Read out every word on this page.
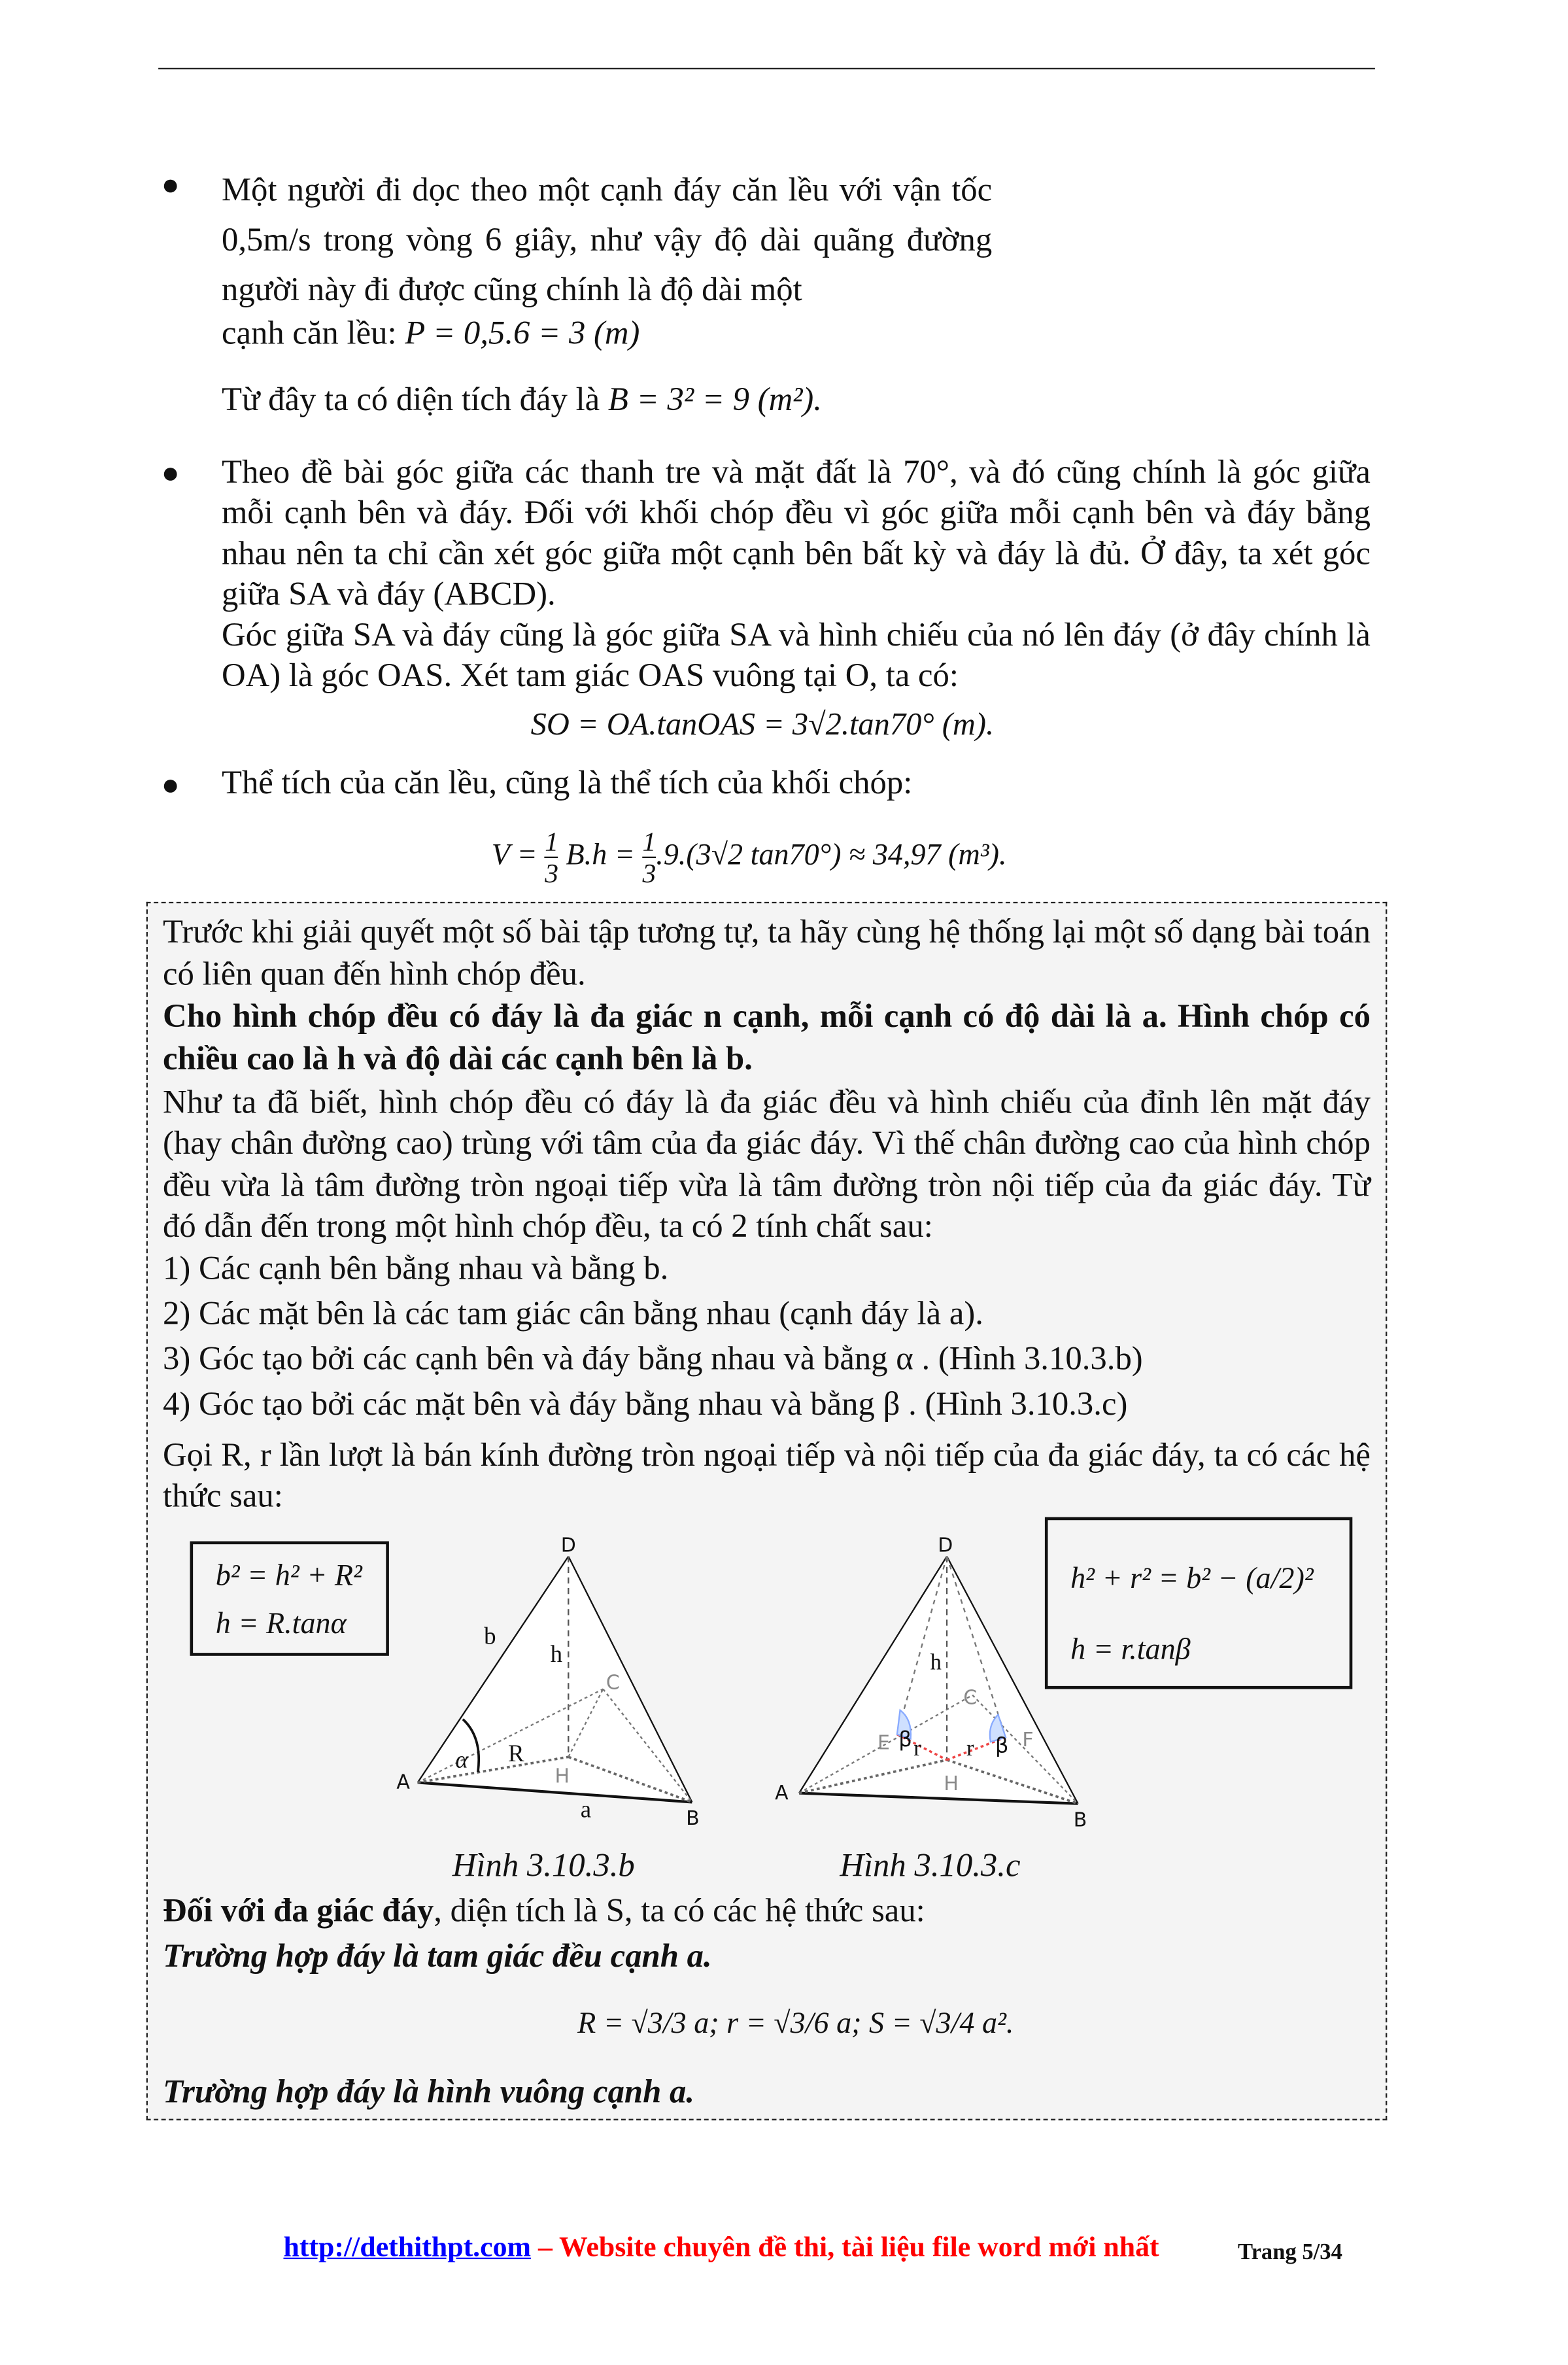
●	Một người đi dọc theo một cạnh đáy căn lều với vận tốc 0,5m/s trong vòng 6 giây, như vậy độ dài quãng đường người này đi được cũng chính là độ dài một
cạnh căn lều: P = 0,5.6 = 3 (m)
Từ đây ta có diện tích đáy là B = 3² = 9 (m²).
●	Theo đề bài góc giữa các thanh tre và mặt đất là 70°, và đó cũng chính là góc giữa mỗi cạnh bên và đáy. Đối với khối chóp đều vì góc giữa mỗi cạnh bên và đáy bằng nhau nên ta chỉ cần xét góc giữa một cạnh bên bất kỳ và đáy là đủ. Ở đây, ta xét góc giữa SA và đáy (ABCD).
Góc giữa SA và đáy cũng là góc giữa SA và hình chiếu của nó lên đáy (ở đây chính là OA) là góc OAS. Xét tam giác OAS vuông tại O, ta có:
SO = OA.tanOAS = 3√2.tan70° (m).
●	Thể tích của căn lều, cũng là thể tích của khối chóp:
$V = \frac{1}{3} B.h = \frac{1}{3} .9.(3√2$ tan70°) ≈ 34,97 (m³).
Trước khi giải quyết một số bài tập tương tự, ta hãy cùng hệ thống lại một số dạng bài toán có liên quan đến hình chóp đều.
Cho hình chóp đều có đáy là đa giác n cạnh, mỗi cạnh có độ dài là a. Hình chóp có chiều cao là h và độ dài các cạnh bên là b.
Như ta đã biết, hình chóp đều có đáy là đa giác đều và hình chiếu của đỉnh lên mặt đáy (hay chân đường cao) trùng với tâm của đa giác đáy. Vì thế chân đường cao của hình chóp đều vừa là tâm đường tròn ngoại tiếp vừa là tâm đường tròn nội tiếp của đa giác đáy. Từ đó dẫn đến trong một hình chóp đều, ta có 2 tính chất sau:
1) Các cạnh bên bằng nhau và bằng b.
2) Các mặt bên là các tam giác cân bằng nhau (cạnh đáy là a).
3) Góc tạo bởi các cạnh bên và đáy bằng nhau và bằng α . (Hình 3.10.3.b)
4) Góc tạo bởi các mặt bên và đáy bằng nhau và bằng β . (Hình 3.10.3.c)
Gọi R, r lần lượt là bán kính đường tròn ngoại tiếp và nội tiếp của đa giác đáy, ta có các hệ thức sau:
b² = h² + R²
h = R.tanα
h² + r² = b² − (a/2)²
h = r.tanβ
D
A
B
C
H
b
h
R
a
α
D
A
B
C
H
E	F
h
r	r
β	β
Hình 3.10.3.b	Hình 3.10.3.c
Đối với đa giác đáy, diện tích là S, ta có các hệ thức sau:
Trường hợp đáy là tam giác đều cạnh a.
R = √3/3 a; r = √3/6 a; S = √3/4 a².
Trường hợp đáy là hình vuông cạnh a.
http://dethithpt.com – Website chuyên đề thi, tài liệu file word mới nhất	Trang 5/34
